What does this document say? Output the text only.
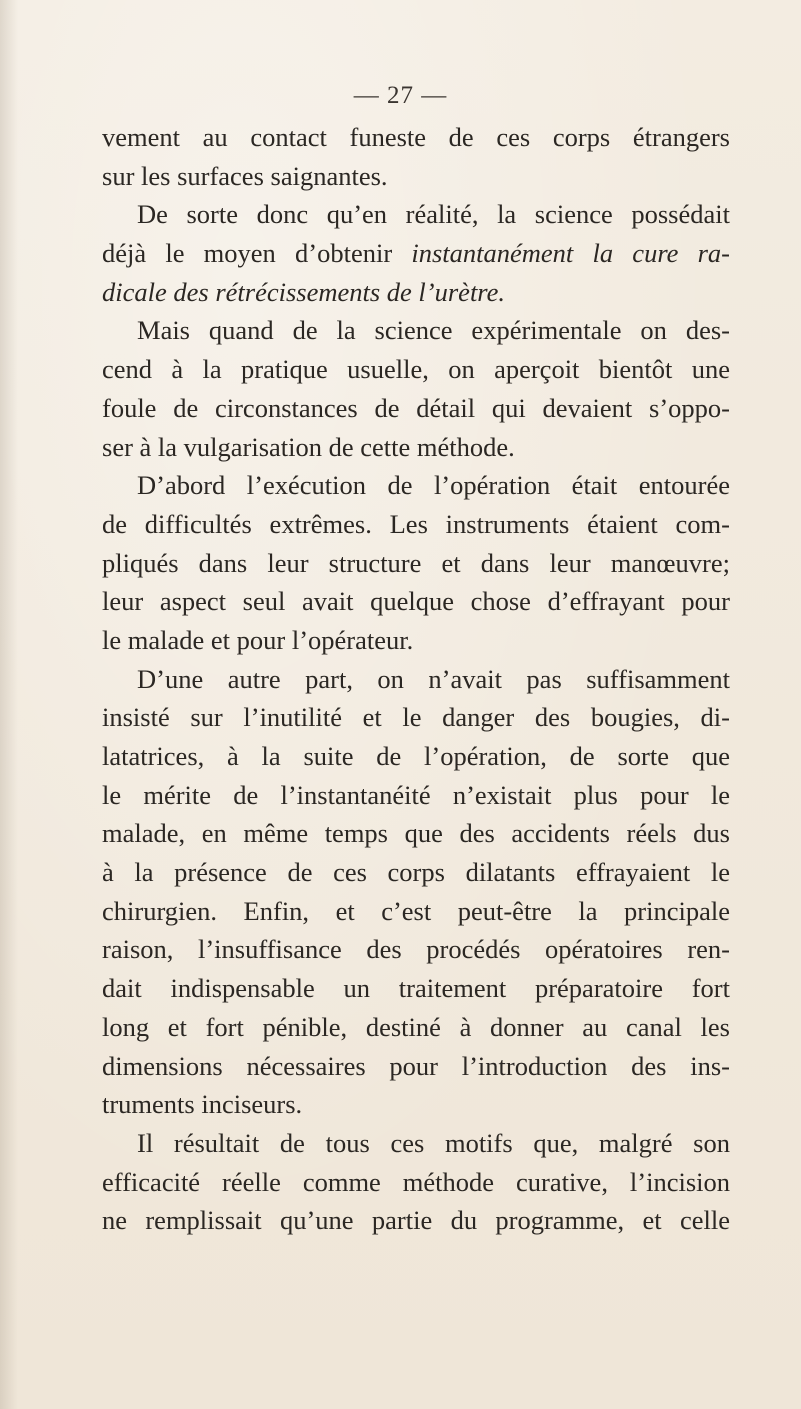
— 27 —
vement au contact funeste de ces corps étrangers
sur les surfaces saignantes.
De sorte donc qu’en réalité, la science possédait
déjà le moyen d’obtenir instantanément la cure ra-
dicale des rétrécissements de l’urètre.
Mais quand de la science expérimentale on des-
cend à la pratique usuelle, on aperçoit bientôt une
foule de circonstances de détail qui devaient s’oppo-
ser à la vulgarisation de cette méthode.
D’abord l’exécution de l’opération était entourée
de difficultés extrêmes. Les instruments étaient com-
pliqués dans leur structure et dans leur manœuvre;
leur aspect seul avait quelque chose d’effrayant pour
le malade et pour l’opérateur.
D’une autre part, on n’avait pas suffisamment
insisté sur l’inutilité et le danger des bougies, di-
latatrices, à la suite de l’opération, de sorte que
le mérite de l’instantanéité n’existait plus pour le
malade, en même temps que des accidents réels dus
à la présence de ces corps dilatants effrayaient le
chirurgien. Enfin, et c’est peut-être la principale
raison, l’insuffisance des procédés opératoires ren-
dait indispensable un traitement préparatoire fort
long et fort pénible, destiné à donner au canal les
dimensions nécessaires pour l’introduction des ins-
truments inciseurs.
Il résultait de tous ces motifs que, malgré son
efficacité réelle comme méthode curative, l’incision
ne remplissait qu’une partie du programme, et celle
